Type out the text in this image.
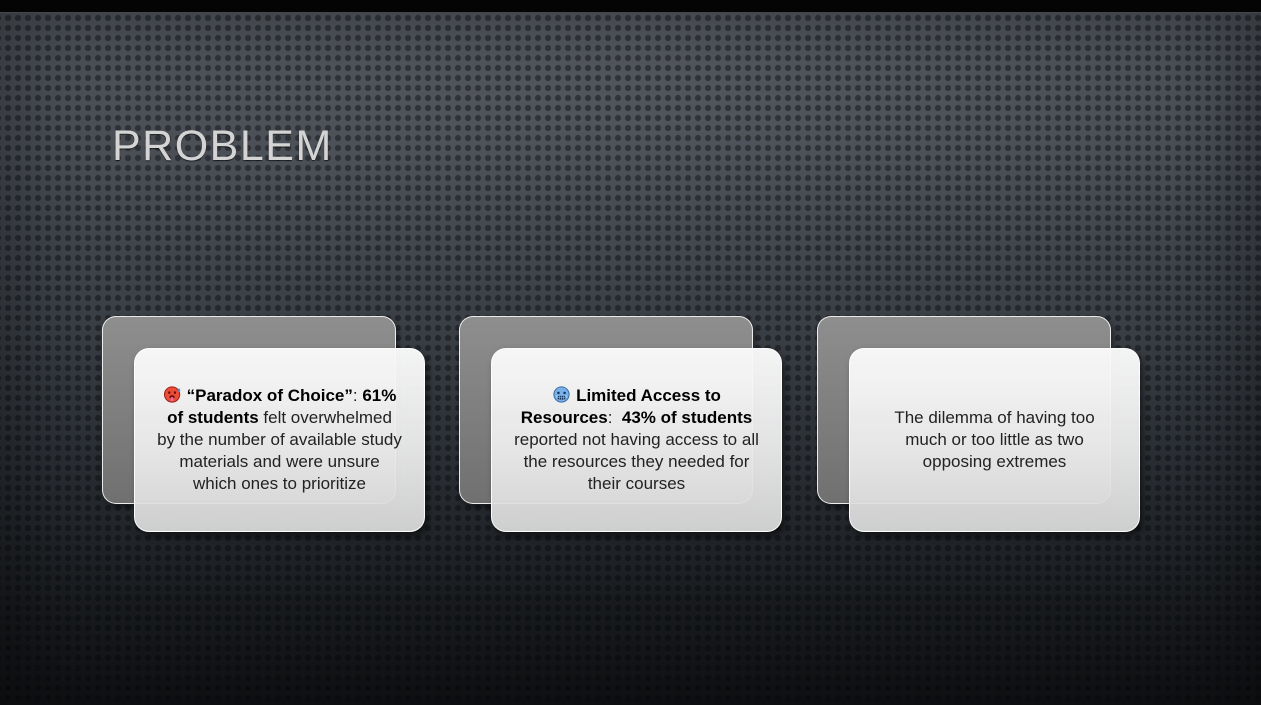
PROBLEM

“Paradox of Choice”: 61% of students felt overwhelmed by the number of available study materials and were unsure which ones to prioritize

Limited Access to Resources:  43% of students reported not having access to all the resources they needed for their courses

The dilemma of having too much or too little as two opposing extremes
